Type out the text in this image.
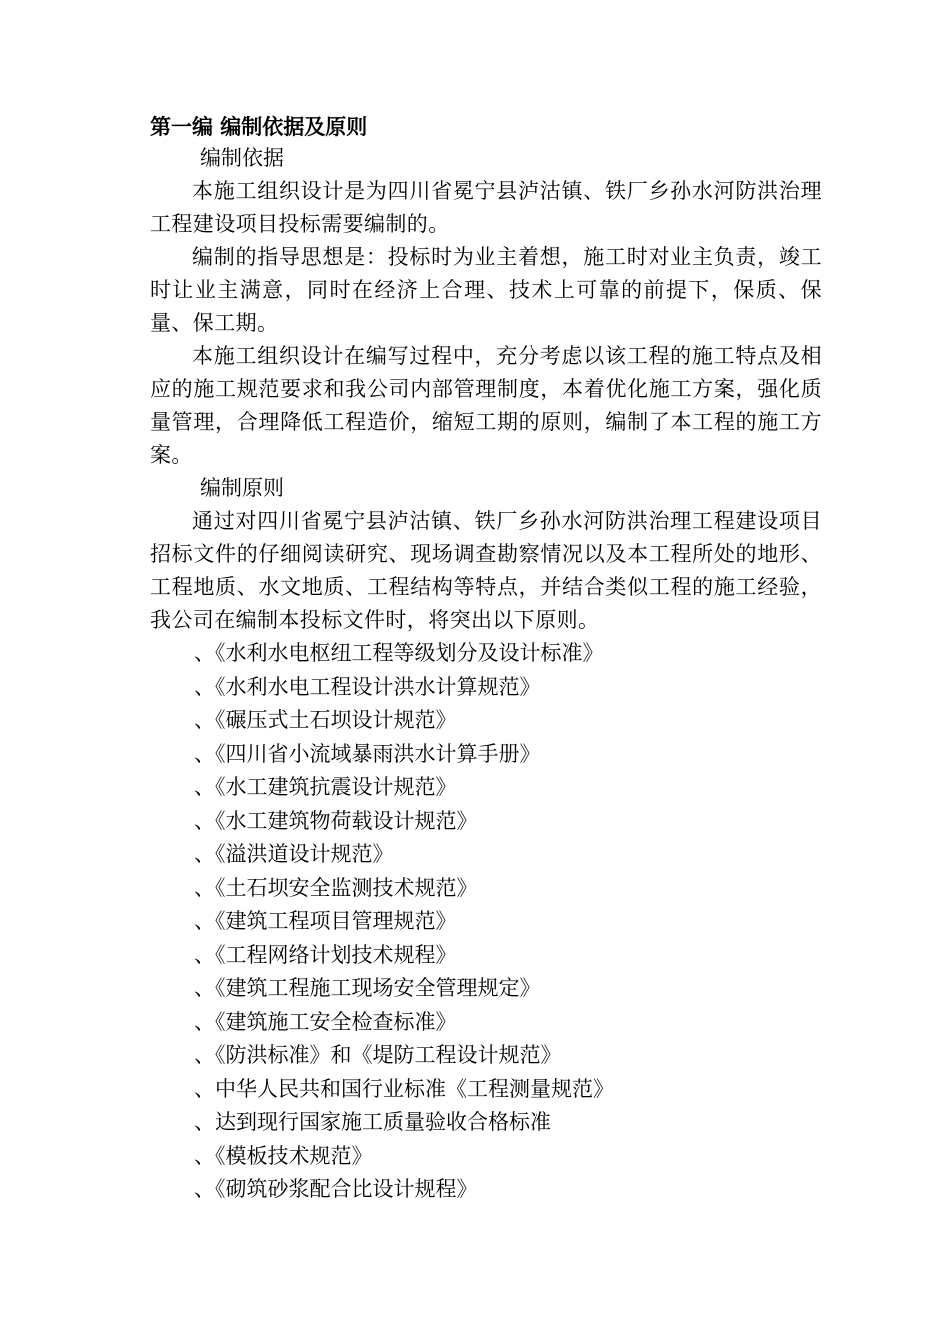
第一编 编制依据及原则
编制依据

本施工组织设计是为四川省冕宁县泸沽镇、铁厂乡孙水河防洪治理工程建设项目投标需要编制的。

编制的指导思想是：投标时为业主着想，施工时对业主负责，竣工时让业主满意，同时在经济上合理、技术上可靠的前提下，保质、保量、保工期。

本施工组织设计在编写过程中，充分考虑以该工程的施工特点及相应的施工规范要求和我公司内部管理制度，本着优化施工方案，强化质量管理，合理降低工程造价，缩短工期的原则，编制了本工程的施工方案。

编制原则

通过对四川省冕宁县泸沽镇、铁厂乡孙水河防洪治理工程建设项目招标文件的仔细阅读研究、现场调查勘察情况以及本工程所处的地形、工程地质、水文地质、工程结构等特点，并结合类似工程的施工经验，我公司在编制本投标文件时，将突出以下原则。

、《水利水电枢纽工程等级划分及设计标准》
、《水利水电工程设计洪水计算规范》
、《碾压式土石坝设计规范》
、《四川省小流域暴雨洪水计算手册》
、《水工建筑抗震设计规范》
、《水工建筑物荷载设计规范》
、《溢洪道设计规范》
、《土石坝安全监测技术规范》
、《建筑工程项目管理规范》
、《工程网络计划技术规程》
、《建筑工程施工现场安全管理规定》
、《建筑施工安全检查标准》
、《防洪标准》和《堤防工程设计规范》
、中华人民共和国行业标准《工程测量规范》
、达到现行国家施工质量验收合格标准
、《模板技术规范》
、《砌筑砂浆配合比设计规程》
